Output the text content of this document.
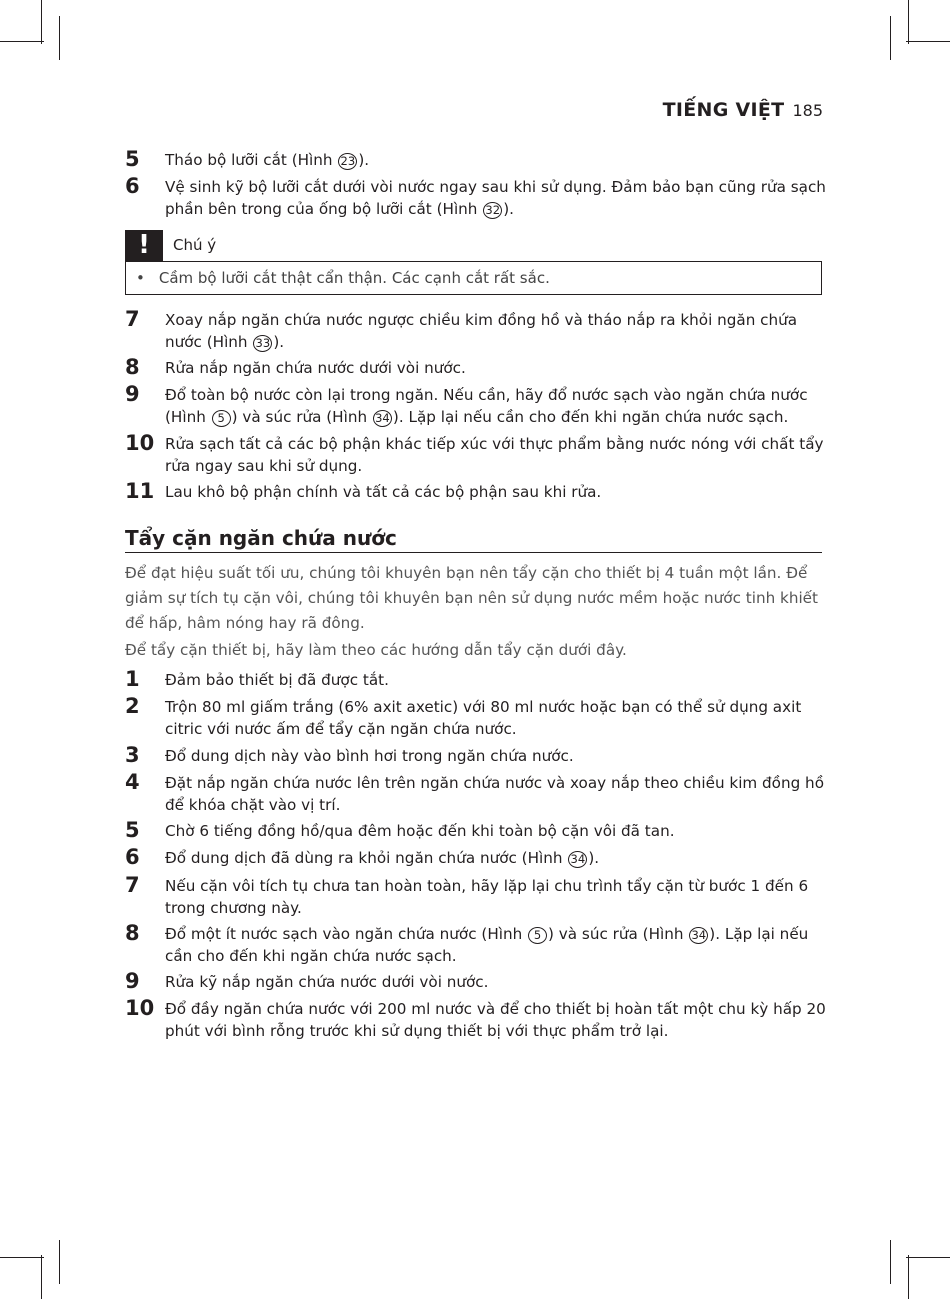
TIẾNG VIỆT 185
5 Tháo bộ lưỡi cắt (Hình 23 ).
6 Vệ sinh kỹ bộ lưỡi cắt dưới vòi nước ngay sau khi sử dụng. Đảm bảo bạn cũng rửa sạch phần bên trong của ống bộ lưỡi cắt (Hình 32 ).
!	Chú ý
• Cầm bộ lưỡi cắt thật cẩn thận. Các cạnh cắt rất sắc.
7 Xoay nắp ngăn chứa nước ngược chiều kim đồng hồ và tháo nắp ra khỏi ngăn chứa nước (Hình 33 ).
8 Rửa nắp ngăn chứa nước dưới vòi nước.
9 Đổ toàn bộ nước còn lại trong ngăn. Nếu cần, hãy đổ nước sạch vào ngăn chứa nước (Hình 5 ) và súc rửa (Hình 34 ). Lặp lại nếu cần cho đến khi ngăn chứa nước sạch.
10 Rửa sạch tất cả các bộ phận khác tiếp xúc với thực phẩm bằng nước nóng với chất tẩy rửa ngay sau khi sử dụng.
11 Lau khô bộ phận chính và tất cả các bộ phận sau khi rửa.
Tẩy cặn ngăn chứa nước
Để đạt hiệu suất tối ưu, chúng tôi khuyên bạn nên tẩy cặn cho thiết bị 4 tuần một lần. Để giảm sự tích tụ cặn vôi, chúng tôi khuyên bạn nên sử dụng nước mềm hoặc nước tinh khiết để hấp, hâm nóng hay rã đông.
Để tẩy cặn thiết bị, hãy làm theo các hướng dẫn tẩy cặn dưới đây.
1 Đảm bảo thiết bị đã được tắt.
2 Trộn 80 ml giấm trắng (6% axit axetic) với 80 ml nước hoặc bạn có thể sử dụng axit citric với nước ấm để tẩy cặn ngăn chứa nước.
3 Đổ dung dịch này vào bình hơi trong ngăn chứa nước.
4 Đặt nắp ngăn chứa nước lên trên ngăn chứa nước và xoay nắp theo chiều kim đồng hồ để khóa chặt vào vị trí.
5 Chờ 6 tiếng đồng hồ/qua đêm hoặc đến khi toàn bộ cặn vôi đã tan.
6 Đổ dung dịch đã dùng ra khỏi ngăn chứa nước (Hình 34 ).
7 Nếu cặn vôi tích tụ chưa tan hoàn toàn, hãy lặp lại chu trình tẩy cặn từ bước 1 đến 6 trong chương này.
8 Đổ một ít nước sạch vào ngăn chứa nước (Hình 5 ) và súc rửa (Hình 34 ). Lặp lại nếu cần cho đến khi ngăn chứa nước sạch.
9 Rửa kỹ nắp ngăn chứa nước dưới vòi nước.
10 Đổ đầy ngăn chứa nước với 200 ml nước và để cho thiết bị hoàn tất một chu kỳ hấp 20 phút với bình rỗng trước khi sử dụng thiết bị với thực phẩm trở lại.
